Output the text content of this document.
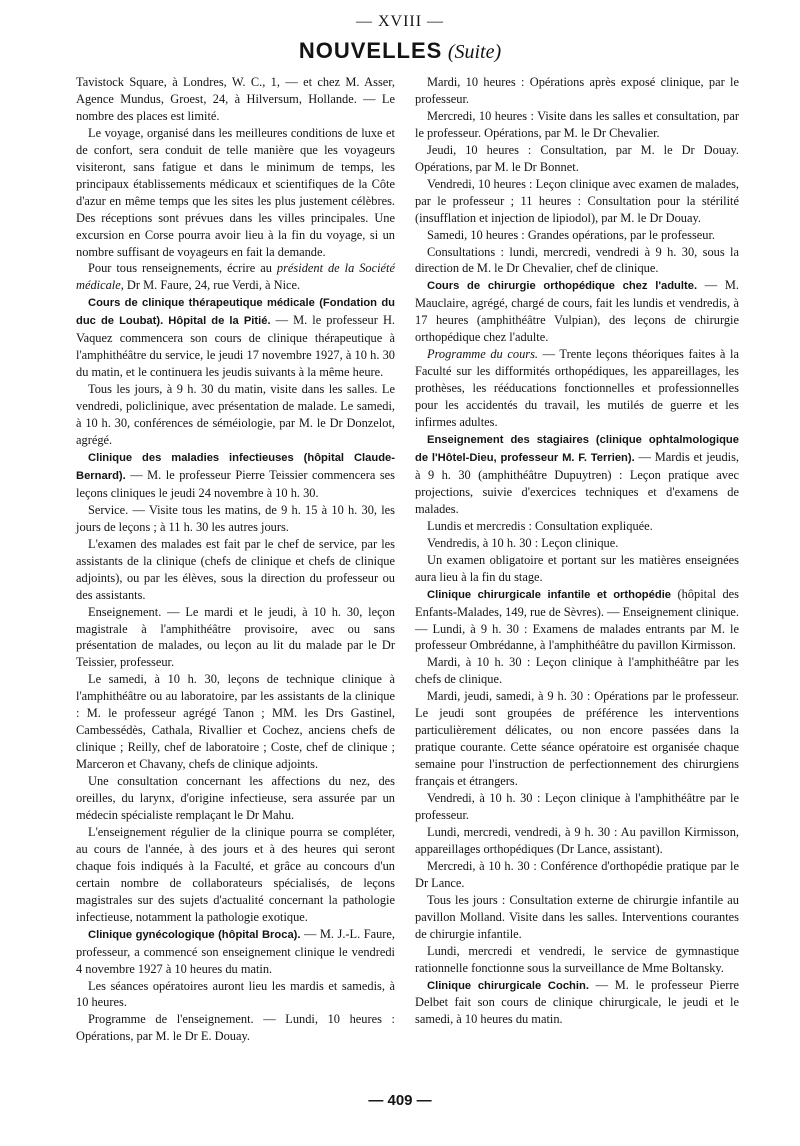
— XVIII —
NOUVELLES (Suite)

Tavistock Square, à Londres, W. C., 1, — et chez M. Asser, Agence Mundus, Groest, 24, à Hilversum, Hollande. — Le nombre des places est limité.

Le voyage, organisé dans les meilleures conditions de luxe et de confort, sera conduit de telle manière que les voyageurs visiteront, sans fatigue et dans le minimum de temps, les principaux établissements médicaux et scientifiques de la Côte d'azur en même temps que les sites les plus justement célèbres. Des réceptions sont prévues dans les villes principales. Une excursion en Corse pourra avoir lieu à la fin du voyage, si un nombre suffisant de voyageurs en fait la demande.

Pour tous renseignements, écrire au président de la Société médicale, Dr M. Faure, 24, rue Verdi, à Nice.

Cours de clinique thérapeutique médicale (Fondation du duc de Loubat). Hôpital de la Pitié. — M. le professeur H. Vaquez commencera son cours de clinique thérapeutique à l'amphithéâtre du service, le jeudi 17 novembre 1927, à 10 h. 30 du matin, et le continuera les jeudis suivants à la même heure.

Tous les jours, à 9 h. 30 du matin, visite dans les salles. Le vendredi, policlinique, avec présentation de malade. Le samedi, à 10 h. 30, conférences de séméiologie, par M. le Dr Donzelot, agrégé.

Clinique des maladies infectieuses (hôpital Claude-Bernard). — M. le professeur Pierre Teissier commencera ses leçons cliniques le jeudi 24 novembre à 10 h. 30.

Service. — Visite tous les matins, de 9 h. 15 à 10 h. 30, les jours de leçons ; à 11 h. 30 les autres jours.

L'examen des malades est fait par le chef de service, par les assistants de la clinique (chefs de clinique et chefs de clinique adjoints), ou par les élèves, sous la direction du professeur ou des assistants.

Enseignement. — Le mardi et le jeudi, à 10 h. 30, leçon magistrale à l'amphithéâtre provisoire, avec ou sans présentation de malades, ou leçon au lit du malade par le Dr Teissier, professeur.

Le samedi, à 10 h. 30, leçons de technique clinique à l'amphithéâtre ou au laboratoire, par les assistants de la clinique : M. le professeur agrégé Tanon ; MM. les Drs Gastinel, Cambessédès, Cathala, Rivallier et Cochez, anciens chefs de clinique ; Reilly, chef de laboratoire ; Coste, chef de clinique ; Marceron et Chavany, chefs de clinique adjoints.

Une consultation concernant les affections du nez, des oreilles, du larynx, d'origine infectieuse, sera assurée par un médecin spécialiste remplaçant le Dr Mahu.

L'enseignement régulier de la clinique pourra se compléter, au cours de l'année, à des jours et à des heures qui seront chaque fois indiqués à la Faculté, et grâce au concours d'un certain nombre de collaborateurs spécialisés, de leçons magistrales sur des sujets d'actualité concernant la pathologie infectieuse, notamment la pathologie exotique.

Clinique gynécologique (hôpital Broca). — M. J.-L. Faure, professeur, a commencé son enseignement clinique le vendredi 4 novembre 1927 à 10 heures du matin.

Les séances opératoires auront lieu les mardis et samedis, à 10 heures.

Programme de l'enseignement. — Lundi, 10 heures : Opérations, par M. le Dr E. Douay.

Mardi, 10 heures : Opérations après exposé clinique, par le professeur.

Mercredi, 10 heures : Visite dans les salles et consultation, par le professeur. Opérations, par M. le Dr Chevalier.

Jeudi, 10 heures : Consultation, par M. le Dr Douay. Opérations, par M. le Dr Bonnet.

Vendredi, 10 heures : Leçon clinique avec examen de malades, par le professeur ; 11 heures : Consultation pour la stérilité (insufflation et injection de lipiodol), par M. le Dr Douay.

Samedi, 10 heures : Grandes opérations, par le professeur.

Consultations : lundi, mercredi, vendredi à 9 h. 30, sous la direction de M. le Dr Chevalier, chef de clinique.

Cours de chirurgie orthopédique chez l'adulte. — M. Mauclaire, agrégé, chargé de cours, fait les lundis et vendredis, à 17 heures (amphithéâtre Vulpian), des leçons de chirurgie orthopédique chez l'adulte.

Programme du cours. — Trente leçons théoriques faites à la Faculté sur les difformités orthopédiques, les appareillages, les prothèses, les rééducations fonctionnelles et professionnelles pour les accidentés du travail, les mutilés de guerre et les infirmes adultes.

Enseignement des stagiaires (clinique ophtalmologique de l'Hôtel-Dieu, professeur M. F. Terrien). — Mardis et jeudis, à 9 h. 30 (amphithéâtre Dupuytren) : Leçon pratique avec projections, suivie d'exercices techniques et d'examens de malades.

Lundis et mercredis : Consultation expliquée.

Vendredis, à 10 h. 30 : Leçon clinique.

Un examen obligatoire et portant sur les matières enseignées aura lieu à la fin du stage.

Clinique chirurgicale infantile et orthopédie (hôpital des Enfants-Malades, 149, rue de Sèvres). — Enseignement clinique. — Lundi, à 9 h. 30 : Examens de malades entrants par M. le professeur Ombrédanne, à l'amphithéâtre du pavillon Kirmisson.

Mardi, à 10 h. 30 : Leçon clinique à l'amphithéâtre par les chefs de clinique.

Mardi, jeudi, samedi, à 9 h. 30 : Opérations par le professeur. Le jeudi sont groupées de préférence les interventions particulièrement délicates, ou non encore passées dans la pratique courante. Cette séance opératoire est organisée chaque semaine pour l'instruction de perfectionnement des chirurgiens français et étrangers.

Vendredi, à 10 h. 30 : Leçon clinique à l'amphithéâtre par le professeur.

Lundi, mercredi, vendredi, à 9 h. 30 : Au pavillon Kirmisson, appareillages orthopédiques (Dr Lance, assistant).

Mercredi, à 10 h. 30 : Conférence d'orthopédie pratique par le Dr Lance.

Tous les jours : Consultation externe de chirurgie infantile au pavillon Molland. Visite dans les salles. Interventions courantes de chirurgie infantile.

Lundi, mercredi et vendredi, le service de gymnastique rationnelle fonctionne sous la surveillance de Mme Boltansky.

Clinique chirurgicale Cochin. — M. le professeur Pierre Delbet fait son cours de clinique chirurgicale, le jeudi et le samedi, à 10 heures du matin.

— 409 —
